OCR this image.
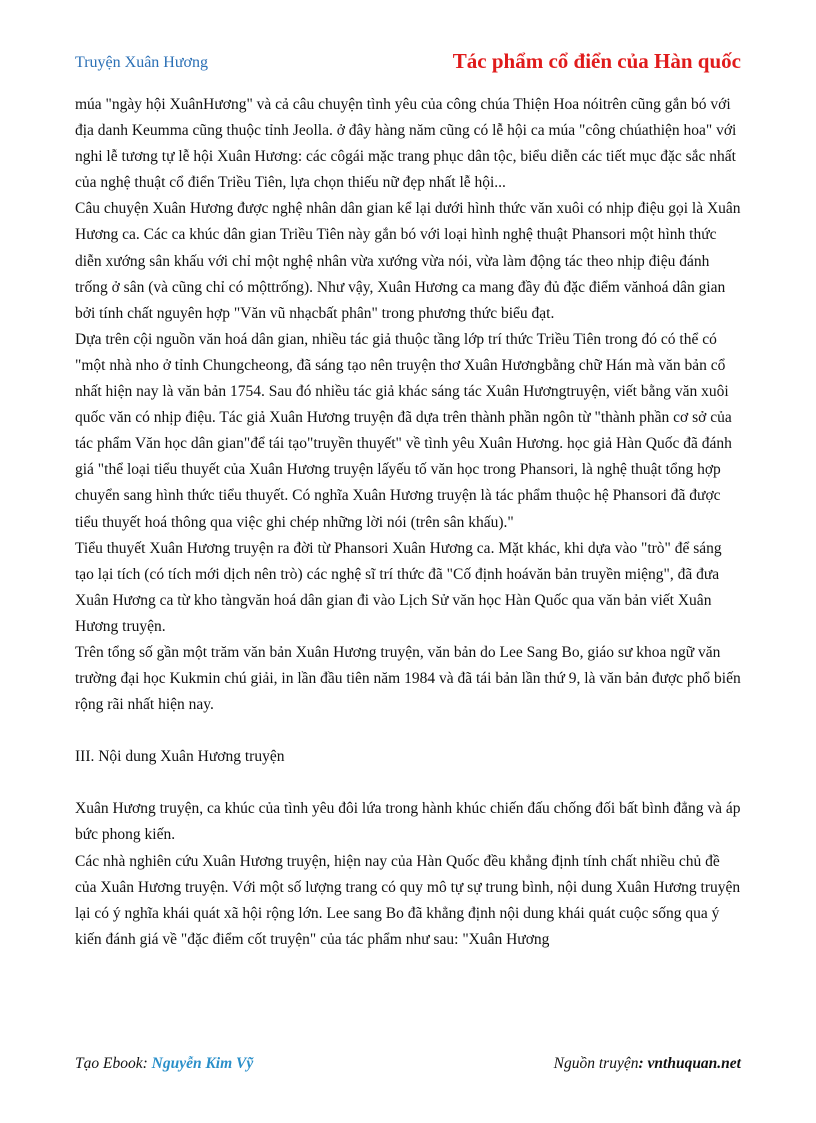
Truyện Xuân Hương	Tác phẩm cổ điển của Hàn quốc

múa "ngày hội XuânHương" và cả câu chuyện tình yêu của công chúa Thiện Hoa nóitrên cũng gắn bó với địa danh Keumma cũng thuộc tỉnh Jeolla. ở đây hàng năm cũng có lễ hội ca múa "công chúathiện hoa" với nghi lễ tương tự lễ hội Xuân Hương: các côgái mặc trang phục dân tộc, biểu diễn các tiết mục đặc sắc nhất của nghệ thuật cổ điển Triều Tiên, lựa chọn thiếu nữ đẹp nhất lễ hội...

Câu chuyện Xuân Hương được nghệ nhân dân gian kể lại dưới hình thức văn xuôi có nhịp điệu gọi là Xuân Hương ca. Các ca khúc dân gian Triều Tiên này gắn bó với loại hình nghệ thuật Phansori một hình thức diễn xướng sân khấu với chỉ một nghệ nhân vừa xướng vừa nói, vừa làm động tác theo nhịp điệu đánh trống ở sân (và cũng chỉ có mộttrống). Như vậy, Xuân Hương ca mang đầy đủ đặc điểm vănhoá dân gian bởi tính chất nguyên hợp "Văn vũ nhạcbất phân" trong phương thức biểu đạt.

Dựa trên cội nguồn văn hoá dân gian, nhiều tác giả thuộc tầng lớp trí thức Triều Tiên trong đó có thể có "một nhà nho ở tỉnh Chungcheong, đã sáng tạo nên truyện thơ Xuân Hươngbằng chữ Hán mà văn bản cổ nhất hiện nay là văn bản 1754. Sau đó nhiều tác giả khác sáng tác Xuân Hươngtruyện, viết bằng văn xuôi quốc văn có nhịp điệu. Tác giả Xuân Hương truyện đã dựa trên thành phần ngôn từ "thành phần cơ sở của tác phẩm Văn học dân gian"để tái tạo"truyền thuyết" về tình yêu Xuân Hương. học giả Hàn Quốc đã đánh giá "thể loại tiểu thuyết của Xuân Hương truyện lấyếu tố văn học trong Phansori, là nghệ thuật tổng hợp chuyển sang hình thức tiểu thuyết. Có nghĩa Xuân Hương truyện là tác phẩm thuộc hệ Phansori đã được tiểu thuyết hoá thông qua việc ghi chép những lời nói (trên sân khấu)."

Tiểu thuyết Xuân Hương truyện ra đời từ Phansori Xuân Hương ca. Mặt khác, khi dựa vào "trò" để sáng tạo lại tích (có tích mới dịch nên trò) các nghệ sĩ trí thức đã "Cố định hoávăn bản truyền miệng", đã đưa Xuân Hương ca từ kho tàngvăn hoá dân gian đi vào Lịch Sử văn học Hàn Quốc qua văn bản viết Xuân Hương truyện.

Trên tổng số gần một trăm văn bản Xuân Hương truyện, văn bản do Lee Sang Bo, giáo sư khoa ngữ văn trường đại học Kukmin chú giải, in lần đầu tiên năm 1984 và đã tái bản lần thứ 9, là văn bản được phổ biến rộng rãi nhất hiện nay.

III. Nội dung Xuân Hương truyện

Xuân Hương truyện, ca khúc của tình yêu đôi lứa trong hành khúc chiến đấu chống đối bất bình đẳng và áp bức phong kiến.

Các nhà nghiên cứu Xuân Hương truyện, hiện nay của Hàn Quốc đều khẳng định tính chất nhiều chủ đề của Xuân Hương truyện. Với một số lượng trang có quy mô tự sự trung bình, nội dung Xuân Hương truyện lại có ý nghĩa khái quát xã hội rộng lớn. Lee sang Bo đã khẳng định nội dung khái quát cuộc sống qua ý kiến đánh giá về "đặc điểm cốt truyện" của tác phẩm như sau: "Xuân Hương

Tạo Ebook: Nguyễn Kim Vỹ	Nguồn truyện: vnthuquan.net
